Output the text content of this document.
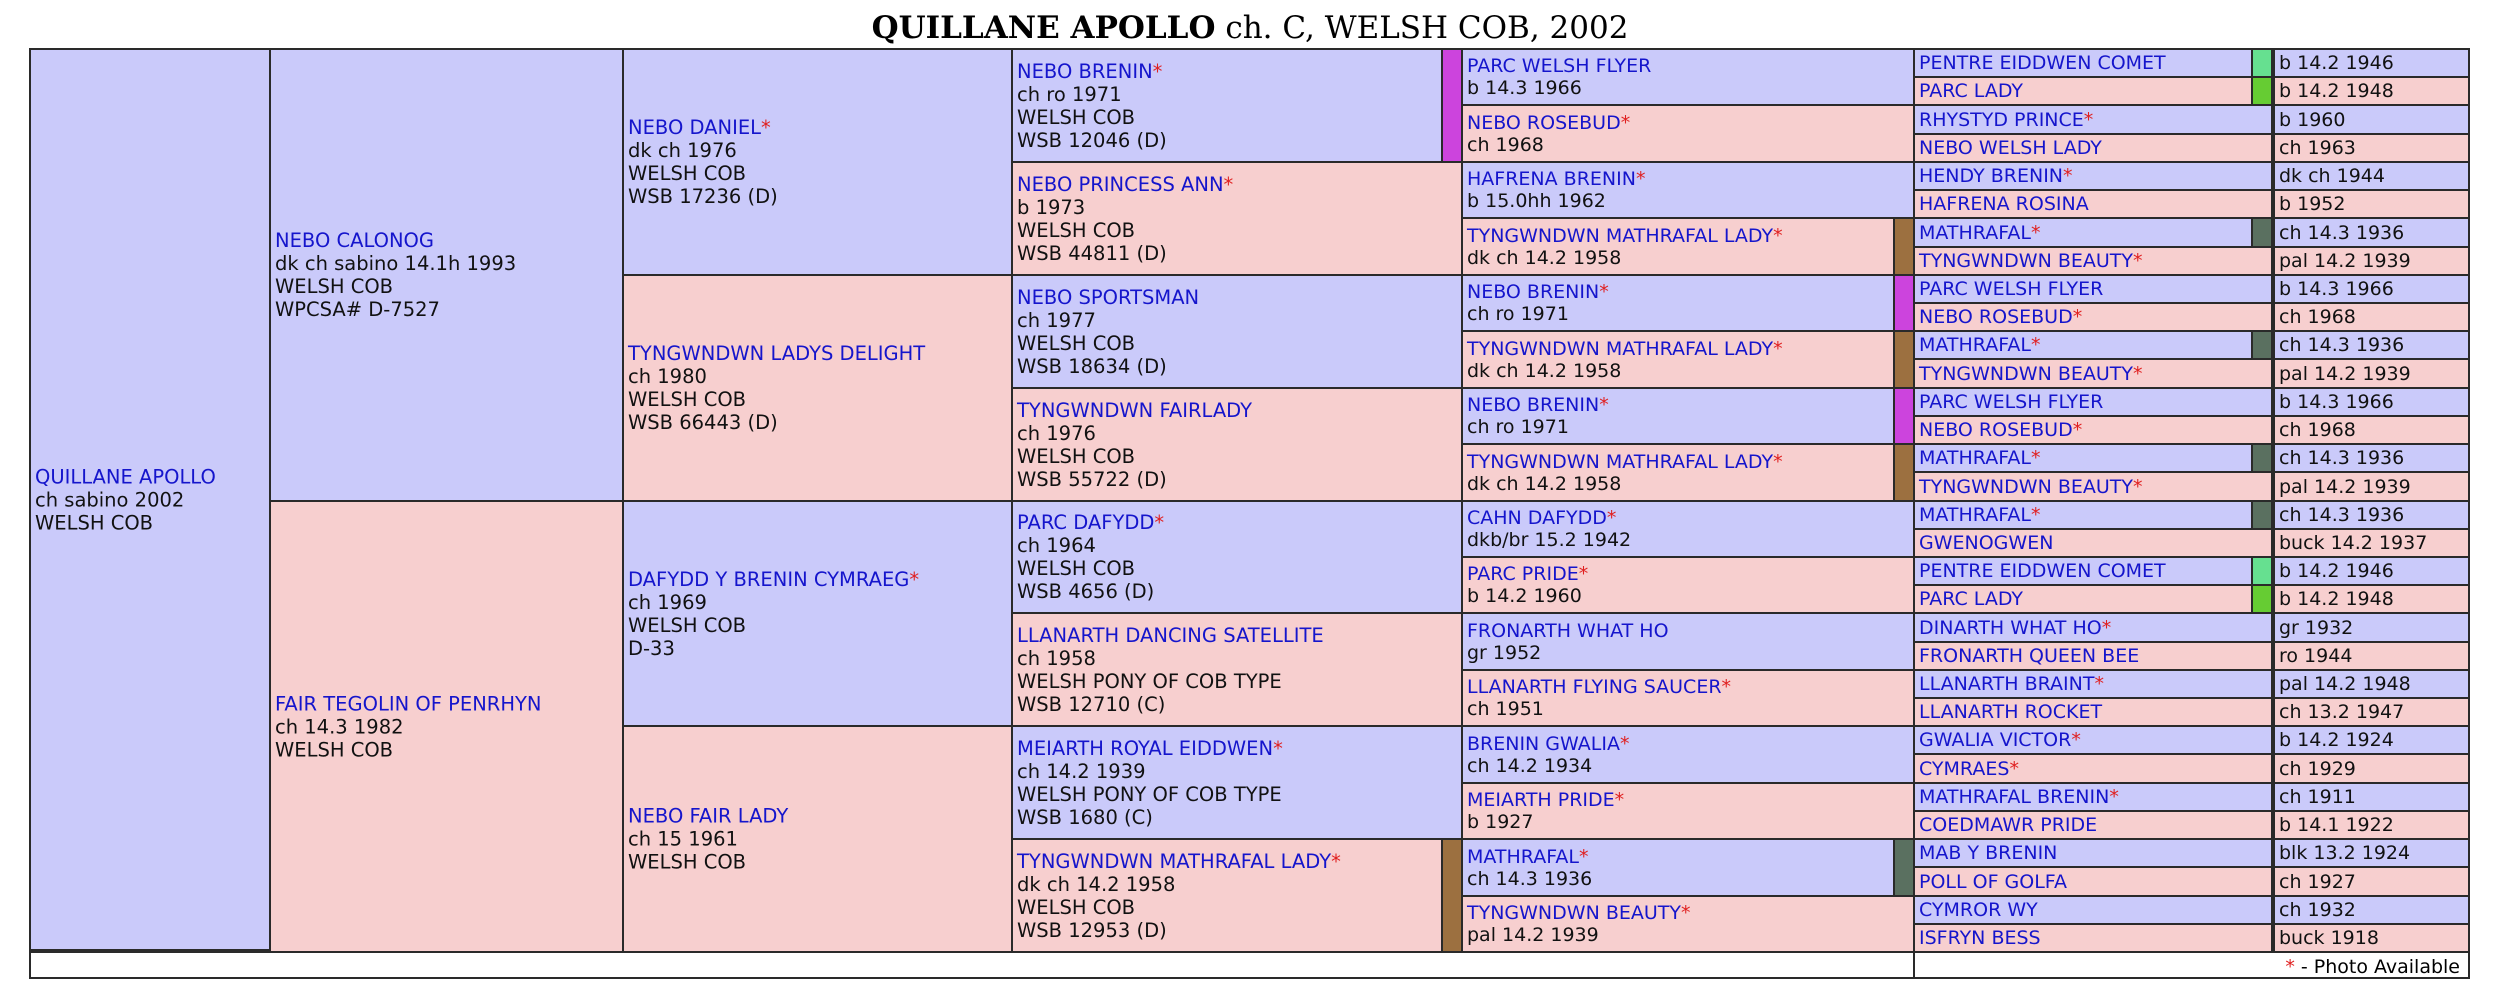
QUILLANE APOLLO ch. C, WELSH COB, 2002
QUILLANE APOLLO
ch sabino 2002
WELSH COB
NEBO CALONOG
dk ch sabino 14.1h 1993
WELSH COB
WPCSA# D-7527
FAIR TEGOLIN OF PENRHYN
ch 14.3 1982
WELSH COB
NEBO DANIEL*
dk ch 1976
WELSH COB
WSB 17236 (D)
TYNGWNDWN LADYS DELIGHT
ch 1980
WELSH COB
WSB 66443 (D)
DAFYDD Y BRENIN CYMRAEG*
ch 1969
WELSH COB
D-33
NEBO FAIR LADY
ch 15 1961
WELSH COB
NEBO BRENIN*
ch ro 1971
WELSH COB
WSB 12046 (D)
NEBO PRINCESS ANN*
b 1973
WELSH COB
WSB 44811 (D)
NEBO SPORTSMAN
ch 1977
WELSH COB
WSB 18634 (D)
TYNGWNDWN FAIRLADY
ch 1976
WELSH COB
WSB 55722 (D)
PARC DAFYDD*
ch 1964
WELSH COB
WSB 4656 (D)
LLANARTH DANCING SATELLITE
ch 1958
WELSH PONY OF COB TYPE
WSB 12710 (C)
MEIARTH ROYAL EIDDWEN*
ch 14.2 1939
WELSH PONY OF COB TYPE
WSB 1680 (C)
TYNGWNDWN MATHRAFAL LADY*
dk ch 14.2 1958
WELSH COB
WSB 12953 (D)
PARC WELSH FLYER
b 14.3 1966
NEBO ROSEBUD*
ch 1968
HAFRENA BRENIN*
b 15.0hh 1962
TYNGWNDWN MATHRAFAL LADY*
dk ch 14.2 1958
NEBO BRENIN*
ch ro 1971
TYNGWNDWN MATHRAFAL LADY*
dk ch 14.2 1958
NEBO BRENIN*
ch ro 1971
TYNGWNDWN MATHRAFAL LADY*
dk ch 14.2 1958
CAHN DAFYDD*
dkb/br 15.2 1942
PARC PRIDE*
b 14.2 1960
FRONARTH WHAT HO
gr 1952
LLANARTH FLYING SAUCER*
ch 1951
BRENIN GWALIA*
ch 14.2 1934
MEIARTH PRIDE*
b 1927
MATHRAFAL*
ch 14.3 1936
TYNGWNDWN BEAUTY*
pal 14.2 1939
PENTRE EIDDWEN COMET	b 14.2 1946
PARC LADY	b 14.2 1948
RHYSTYD PRINCE*	b 1960
NEBO WELSH LADY	ch 1963
HENDY BRENIN*	dk ch 1944
HAFRENA ROSINA	b 1952
MATHRAFAL*	ch 14.3 1936
TYNGWNDWN BEAUTY*	pal 14.2 1939
PARC WELSH FLYER	b 14.3 1966
NEBO ROSEBUD*	ch 1968
MATHRAFAL*	ch 14.3 1936
TYNGWNDWN BEAUTY*	pal 14.2 1939
PARC WELSH FLYER	b 14.3 1966
NEBO ROSEBUD*	ch 1968
MATHRAFAL*	ch 14.3 1936
TYNGWNDWN BEAUTY*	pal 14.2 1939
MATHRAFAL*	ch 14.3 1936
GWENOGWEN	buck 14.2 1937
PENTRE EIDDWEN COMET	b 14.2 1946
PARC LADY	b 14.2 1948
DINARTH WHAT HO*	gr 1932
FRONARTH QUEEN BEE	ro 1944
LLANARTH BRAINT*	pal 14.2 1948
LLANARTH ROCKET	ch 13.2 1947
GWALIA VICTOR*	b 14.2 1924
CYMRAES*	ch 1929
MATHRAFAL BRENIN*	ch 1911
COEDMAWR PRIDE	b 14.1 1922
MAB Y BRENIN	blk 13.2 1924
POLL OF GOLFA	ch 1927
CYMROR WY	ch 1932
ISFRYN BESS	buck 1918
* - Photo Available
